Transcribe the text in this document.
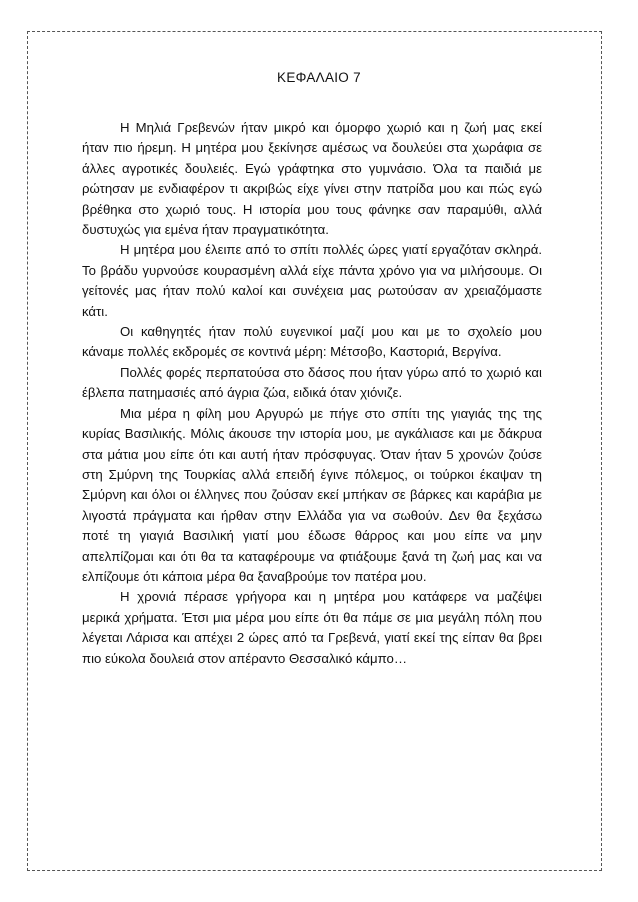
ΚΕΦΑΛΑΙΟ 7

Η Μηλιά Γρεβενών ήταν μικρό και όμορφο χωριό και η ζωή μας εκεί ήταν πιο ήρεμη. Η μητέρα μου ξεκίνησε αμέσως να δουλεύει στα χωράφια σε άλλες αγροτικές δουλειές. Εγώ γράφτηκα στο γυμνάσιο. Όλα τα παιδιά με ρώτησαν με ενδιαφέρον τι ακριβώς είχε γίνει στην πατρίδα μου και πώς εγώ βρέθηκα στο χωριό τους. Η ιστορία μου τους φάνηκε σαν παραμύθι, αλλά δυστυχώς για εμένα ήταν πραγματικότητα.

Η μητέρα μου έλειπε από το σπίτι πολλές ώρες γιατί εργαζόταν σκληρά. Το βράδυ γυρνούσε κουρασμένη αλλά είχε πάντα χρόνο για να μιλήσουμε. Οι γείτονές μας ήταν πολύ καλοί και συνέχεια μας ρωτούσαν αν χρειαζόμαστε κάτι.

Οι καθηγητές ήταν πολύ ευγενικοί μαζί μου και με το σχολείο μου κάναμε πολλές εκδρομές σε κοντινά μέρη: Μέτσοβο, Καστοριά, Βεργίνα.

Πολλές φορές περπατούσα στο δάσος που ήταν γύρω από το χωριό και έβλεπα πατημασιές από άγρια ζώα, ειδικά όταν χιόνιζε.

Μια μέρα η φίλη μου Αργυρώ με πήγε στο σπίτι της γιαγιάς της της κυρίας Βασιλικής. Μόλις άκουσε την ιστορία μου, με αγκάλιασε και με δάκρυα στα μάτια μου είπε ότι και αυτή ήταν πρόσφυγας. Όταν ήταν 5 χρονών ζούσε στη Σμύρνη της Τουρκίας αλλά επειδή έγινε πόλεμος, οι τούρκοι έκαψαν τη Σμύρνη και όλοι οι έλληνες που ζούσαν εκεί μπήκαν σε βάρκες και καράβια με λιγοστά πράγματα και ήρθαν στην Ελλάδα για να σωθούν. Δεν θα ξεχάσω ποτέ τη γιαγιά Βασιλική γιατί μου έδωσε θάρρος και μου είπε να μην απελπίζομαι και ότι θα τα καταφέρουμε να φτιάξουμε ξανά τη ζωή μας και να ελπίζουμε ότι κάποια μέρα θα ξαναβρούμε τον πατέρα μου.

Η χρονιά πέρασε γρήγορα και η μητέρα μου κατάφερε να μαζέψει μερικά χρήματα. Έτσι μια μέρα μου είπε ότι θα πάμε σε μια μεγάλη πόλη που λέγεται Λάρισα και απέχει 2 ώρες από τα Γρεβενά, γιατί εκεί της είπαν θα βρει πιο εύκολα δουλειά στον απέραντο Θεσσαλικό κάμπο…
